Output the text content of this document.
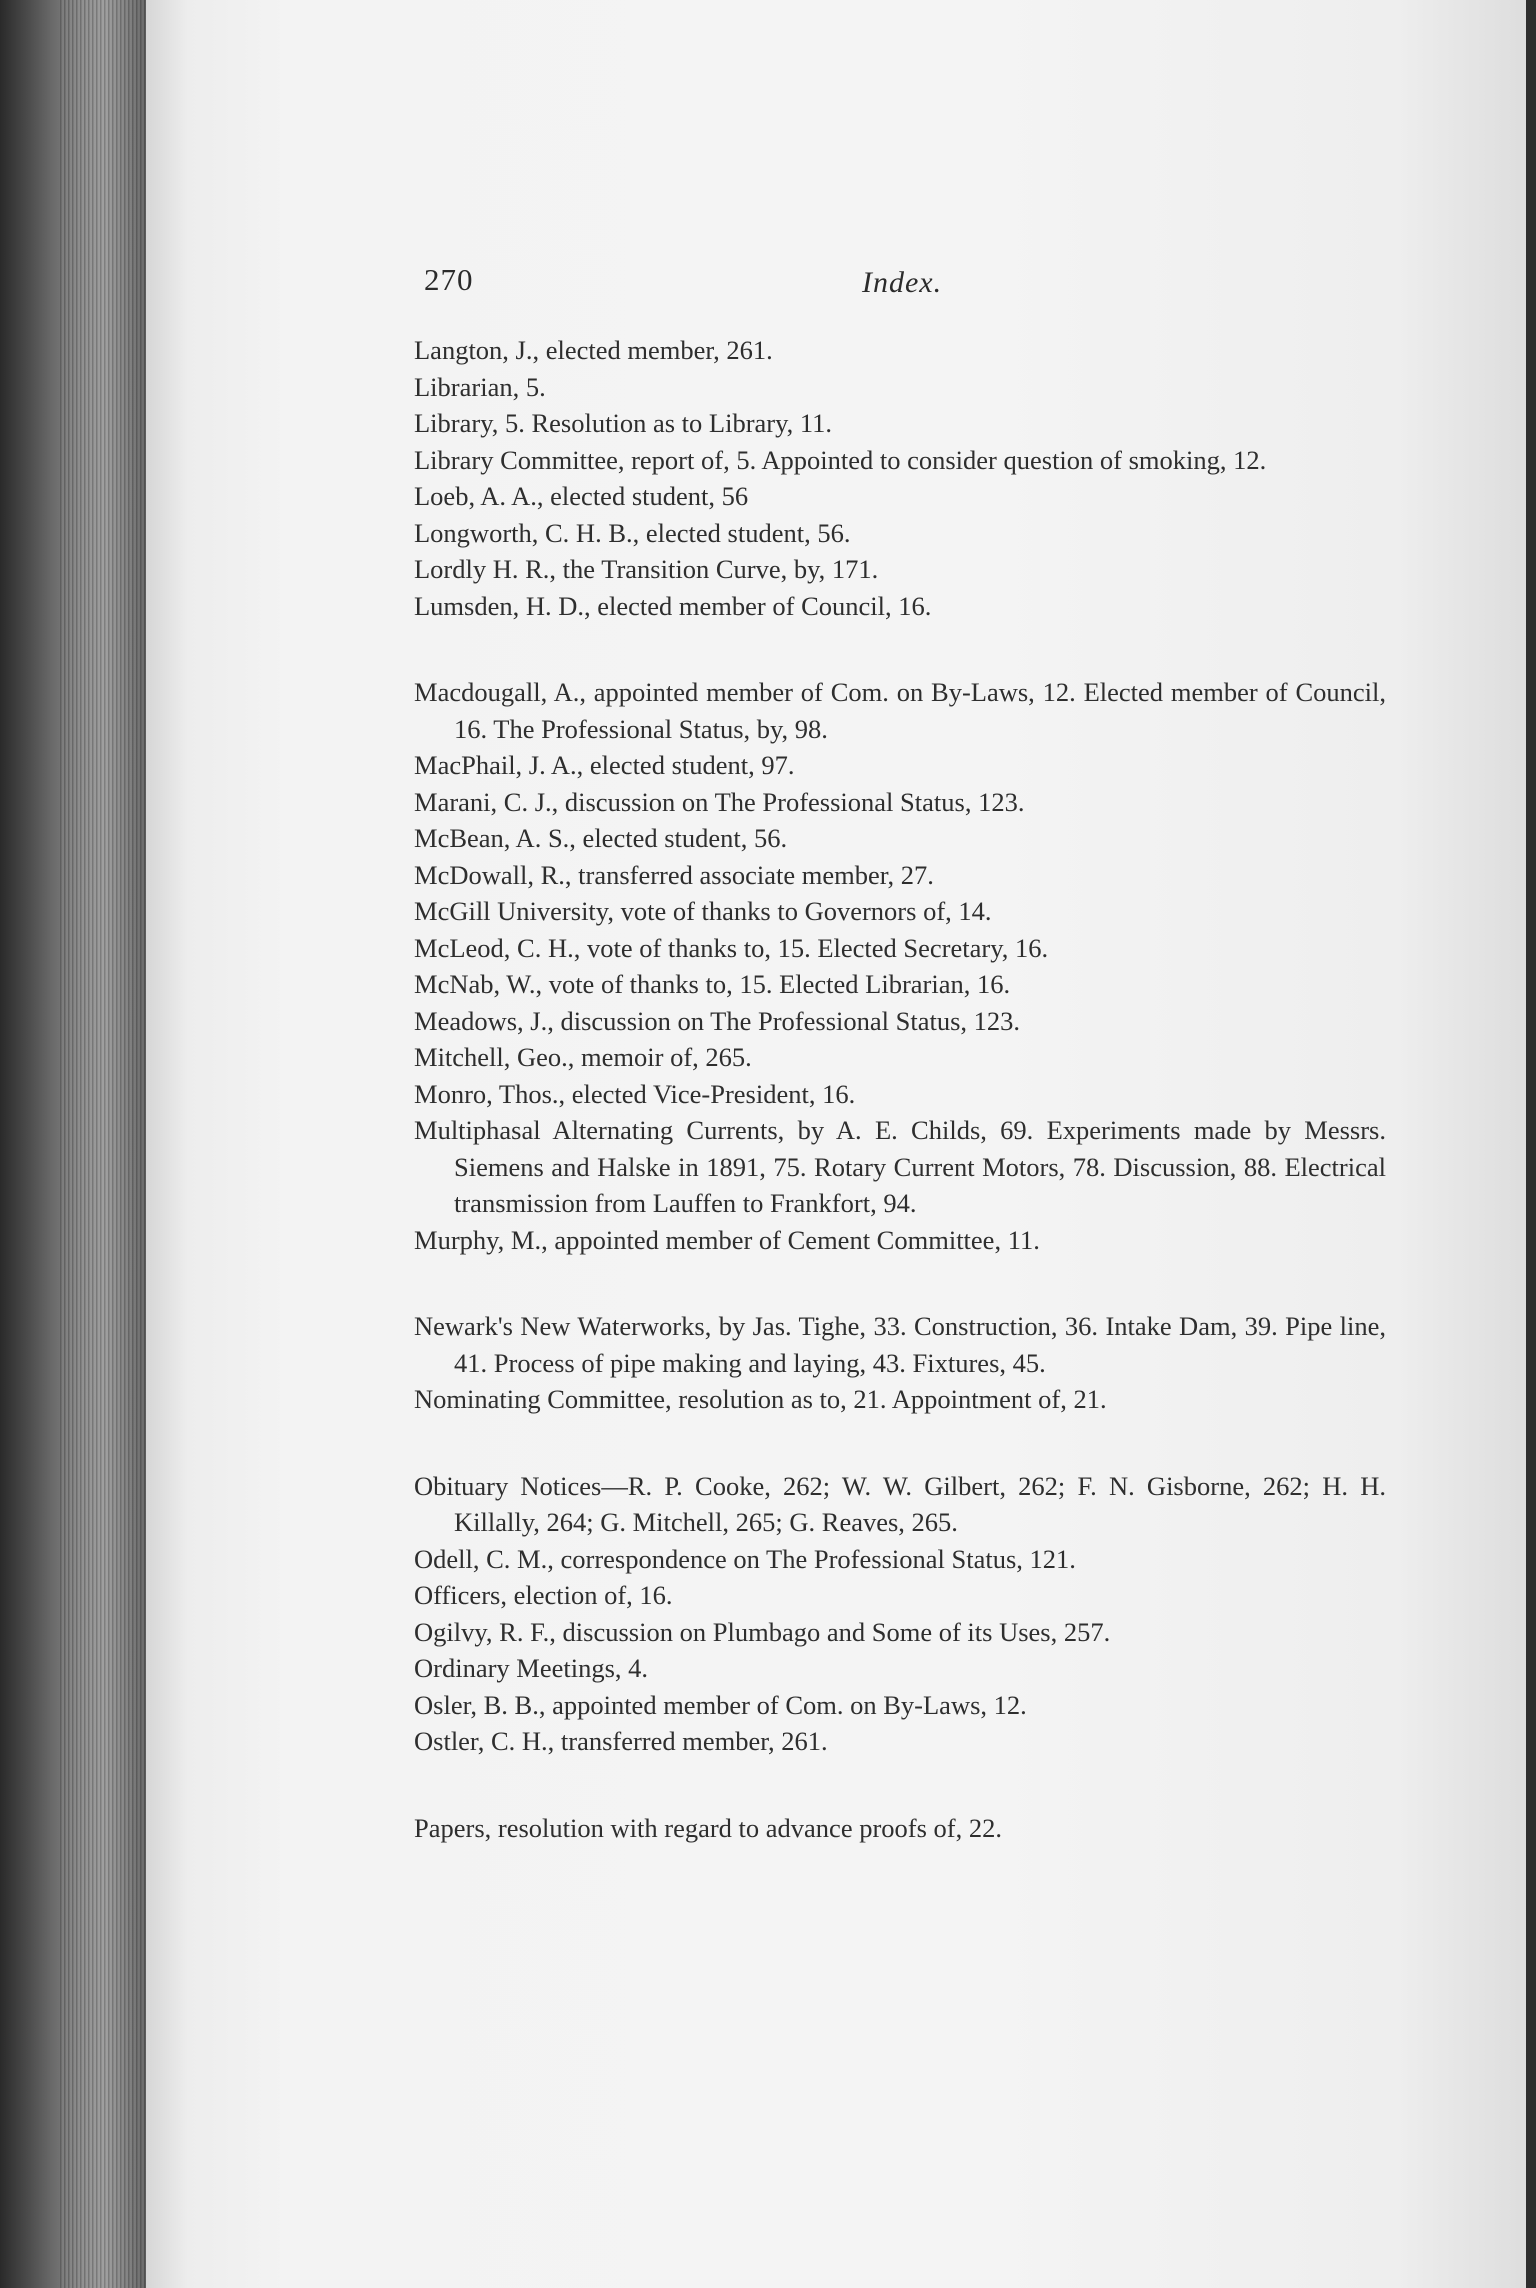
270	Index.
Langton, J., elected member, 261.
Librarian, 5.
Library, 5. Resolution as to Library, 11.
Library Committee, report of, 5. Appointed to consider question of smoking, 12.
Loeb, A. A., elected student, 56
Longworth, C. H. B., elected student, 56.
Lordly H. R., the Transition Curve, by, 171.
Lumsden, H. D., elected member of Council, 16.
Macdougall, A., appointed member of Com. on By-Laws, 12. Elected member of Council, 16. The Professional Status, by, 98.
MacPhail, J. A., elected student, 97.
Marani, C. J., discussion on The Professional Status, 123.
McBean, A. S., elected student, 56.
McDowall, R., transferred associate member, 27.
McGill University, vote of thanks to Governors of, 14.
McLeod, C. H., vote of thanks to, 15. Elected Secretary, 16.
McNab, W., vote of thanks to, 15. Elected Librarian, 16.
Meadows, J., discussion on The Professional Status, 123.
Mitchell, Geo., memoir of, 265.
Monro, Thos., elected Vice-President, 16.
Multiphasal Alternating Currents, by A. E. Childs, 69. Experiments made by Messrs. Siemens and Halske in 1891, 75. Rotary Current Motors, 78. Discussion, 88. Electrical transmission from Lauffen to Frankfort, 94.
Murphy, M., appointed member of Cement Committee, 11.
Newark's New Waterworks, by Jas. Tighe, 33. Construction, 36. Intake Dam, 39. Pipe line, 41. Process of pipe making and laying, 43. Fixtures, 45.
Nominating Committee, resolution as to, 21. Appointment of, 21.
Obituary Notices—R. P. Cooke, 262; W. W. Gilbert, 262; F. N. Gisborne, 262; H. H. Killally, 264; G. Mitchell, 265; G. Reaves, 265.
Odell, C. M., correspondence on The Professional Status, 121.
Officers, election of, 16.
Ogilvy, R. F., discussion on Plumbago and Some of its Uses, 257.
Ordinary Meetings, 4.
Osler, B. B., appointed member of Com. on By-Laws, 12.
Ostler, C. H., transferred member, 261.
Papers, resolution with regard to advance proofs of, 22.
